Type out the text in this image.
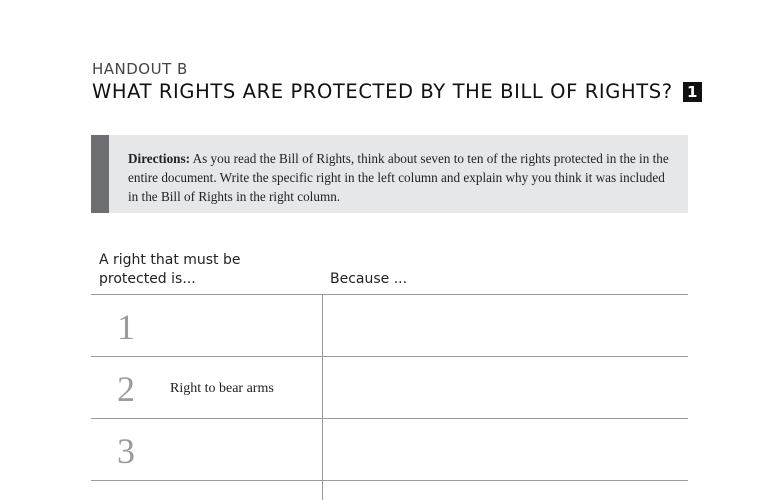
HANDOUT B
WHAT RIGHTS ARE PROTECTED BY THE BILL OF RIGHTS? 1
Directions: As you read the Bill of Rights, think about seven to ten of the rights protected in the in the entire document. Write the specific right in the left column and explain why you think it was included in the Bill of Rights in the right column.
A right that must be protected is...	Because ...
1
2	Right to bear arms
3
